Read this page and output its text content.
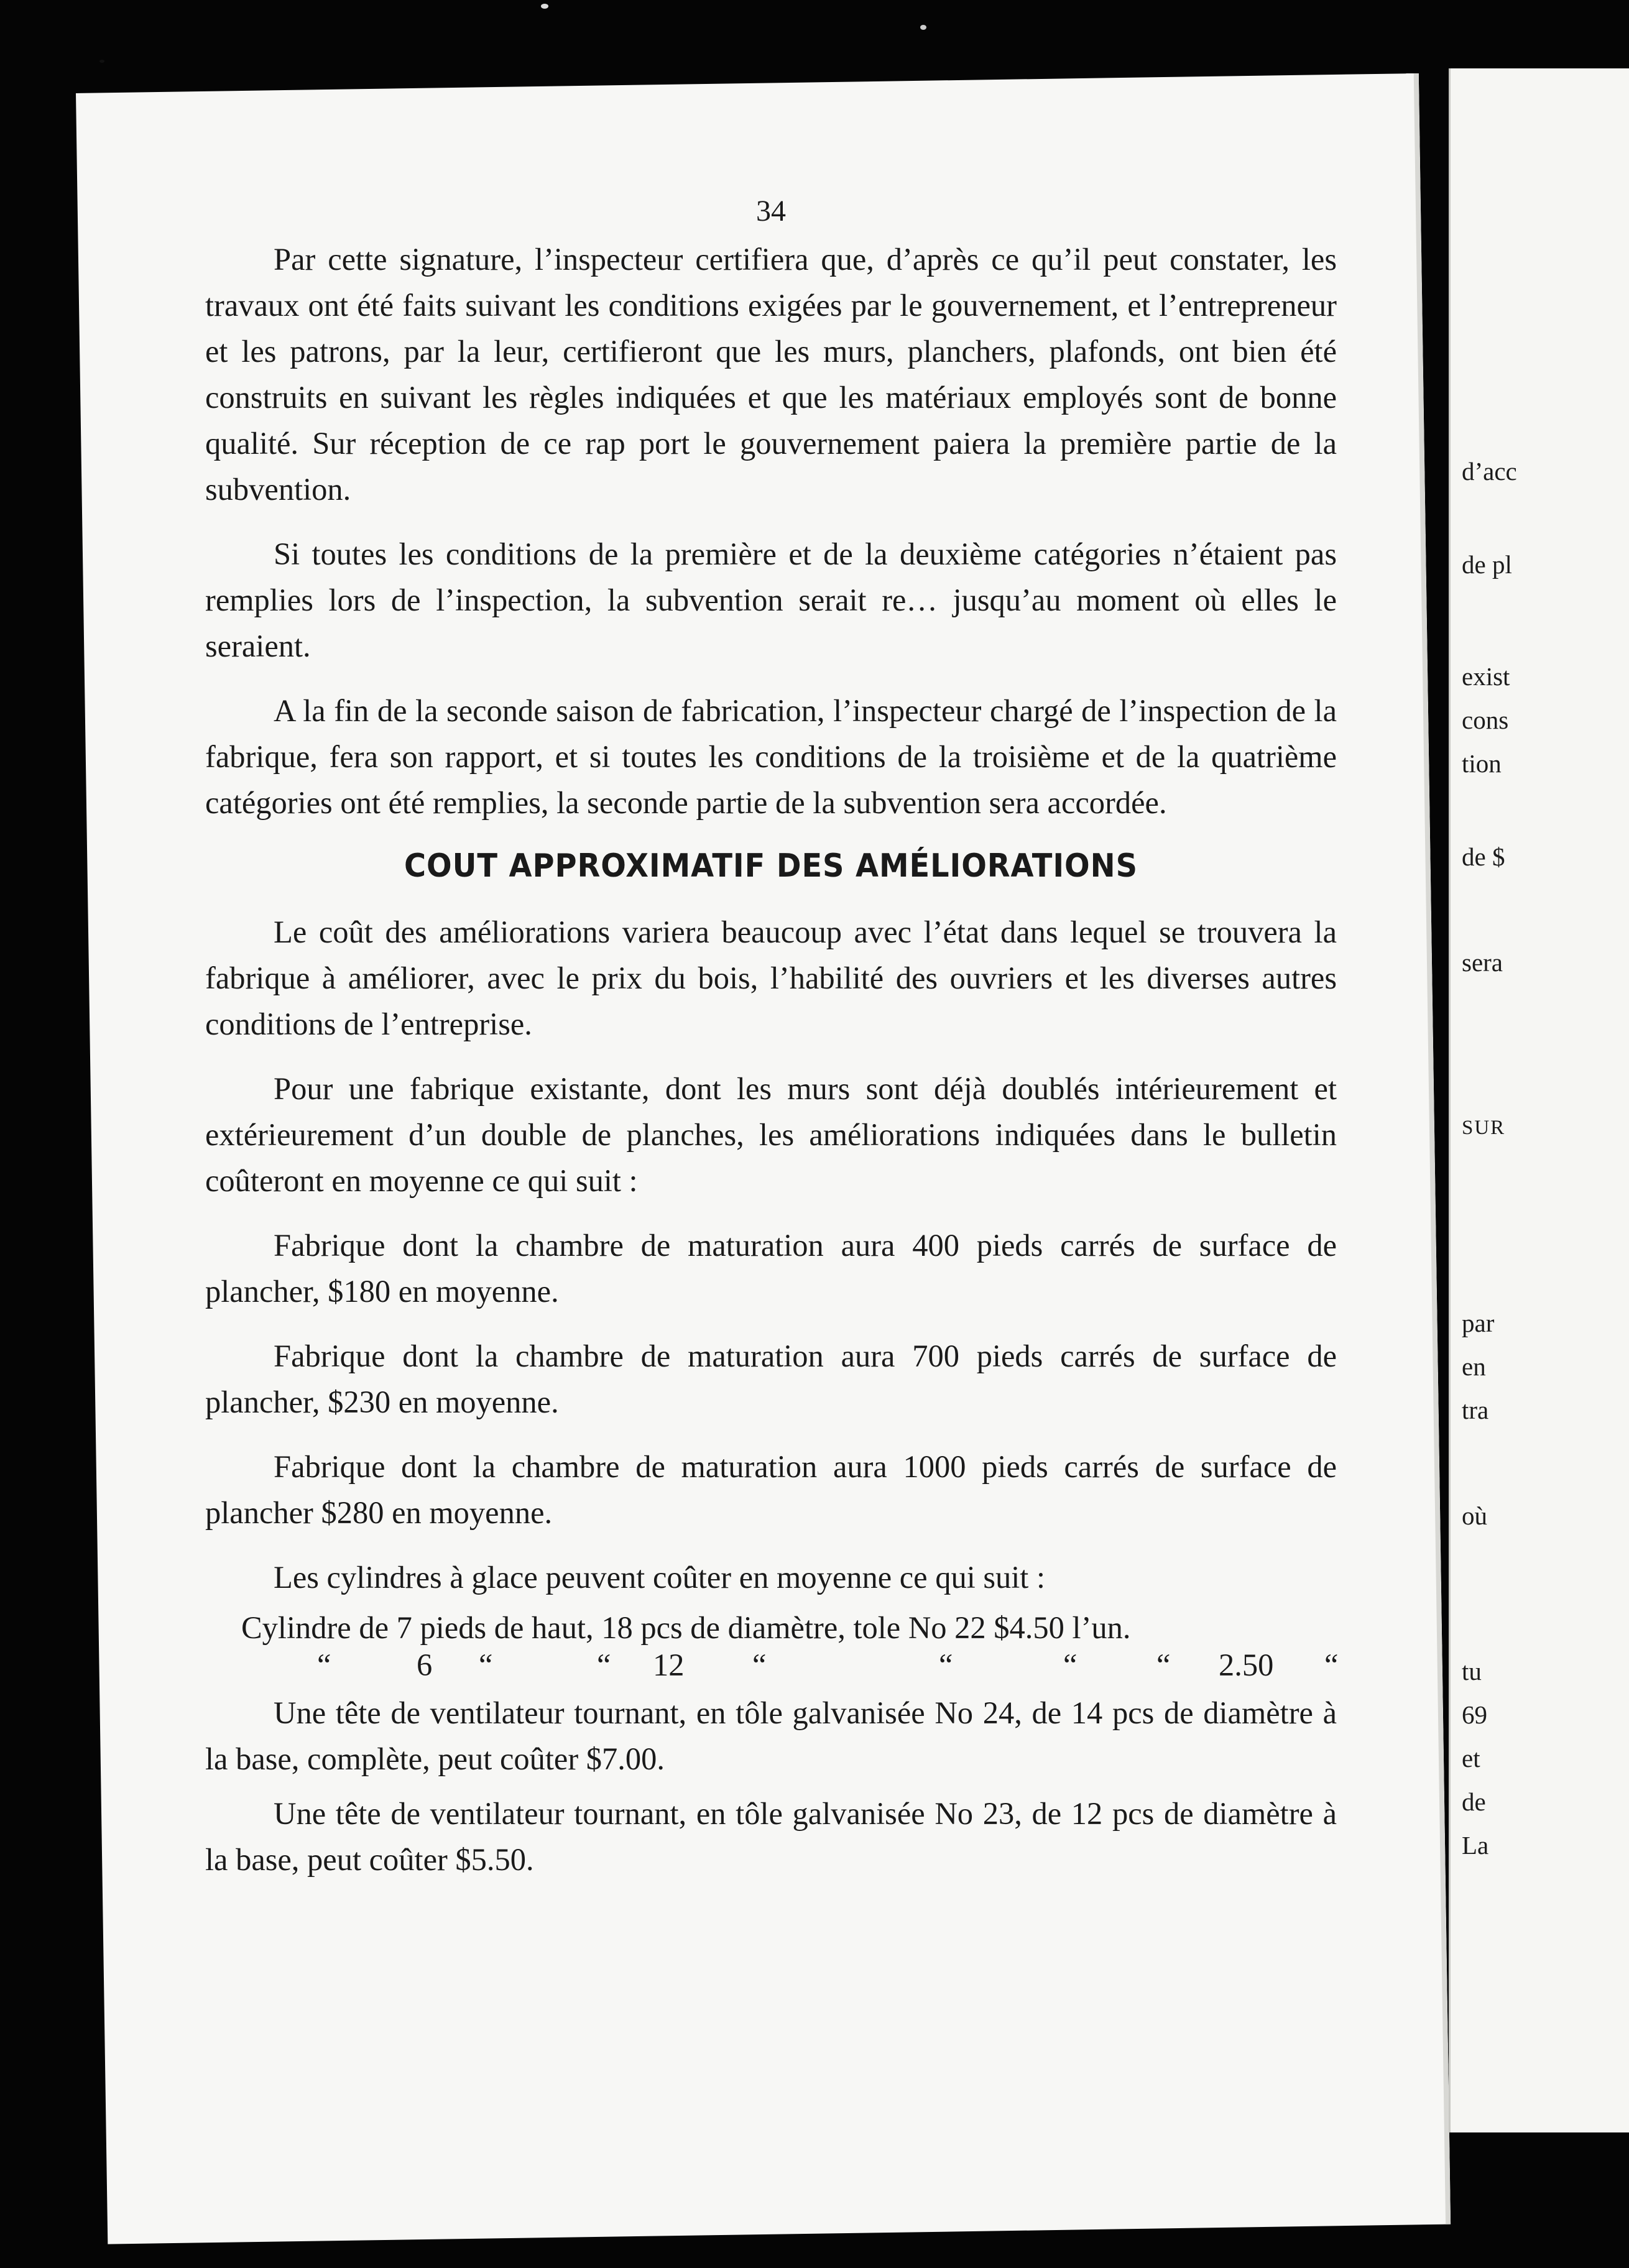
d’acc
de pl
exist
cons
tion
de $
sera
SUR
par
en
tra
où
tu
69
et
de
La
34

Par cette signature, l’inspecteur certifiera que, d’après ce qu’il peut constater, les travaux ont été faits suivant les conditions exigées par le gouvernement, et l’entrepreneur et les patrons, par la leur, certifieront que les murs, planchers, plafonds, ont bien été construits en suivant les règles indiquées et que les matériaux employés sont de bonne qualité. Sur réception de ce rap port le gouvernement paiera la première partie de la subvention.

Si toutes les conditions de la première et de la deuxième catégories n’étaient pas remplies lors de l’inspection, la subvention serait re… jusqu’au moment où elles le seraient.

A la fin de la seconde saison de fabrication, l’inspecteur chargé de l’inspection de la fabrique, fera son rapport, et si toutes les conditions de la troisième et de la quatrième catégories ont été remplies, la seconde partie de la subvention sera accordée.

COUT APPROXIMATIF DES AMÉLIORATIONS

Le coût des améliorations variera beaucoup avec l’état dans lequel se trouvera la fabrique à améliorer, avec le prix du bois, l’habilité des ouvriers et les diverses autres conditions de l’entreprise.

Pour une fabrique existante, dont les murs sont déjà doublés intérieurement et extérieurement d’un double de planches, les améliorations indiquées dans le bulletin coûteront en moyenne ce qui suit :

Fabrique dont la chambre de maturation aura 400 pieds carrés de surface de plancher, $180 en moyenne.

Fabrique dont la chambre de maturation aura 700 pieds carrés de surface de plancher, $230 en moyenne.

Fabrique dont la chambre de maturation aura 1000 pieds carrés de surface de plancher $280 en moyenne.

Les cylindres à glace peuvent coûter en moyenne ce qui suit :

Cylindre de 7 pieds de haut, 18 pcs de diamètre, tole No 22 $4.50 l’un.
“	6 “	“ 12 “	“	“	“ 2.50 “

Une tête de ventilateur tournant, en tôle galvanisée No 24, de 14 pcs de diamètre à la base, complète, peut coûter $7.00.

Une tête de ventilateur tournant, en tôle galvanisée No 23, de 12 pcs de diamètre à la base, peut coûter $5.50.
